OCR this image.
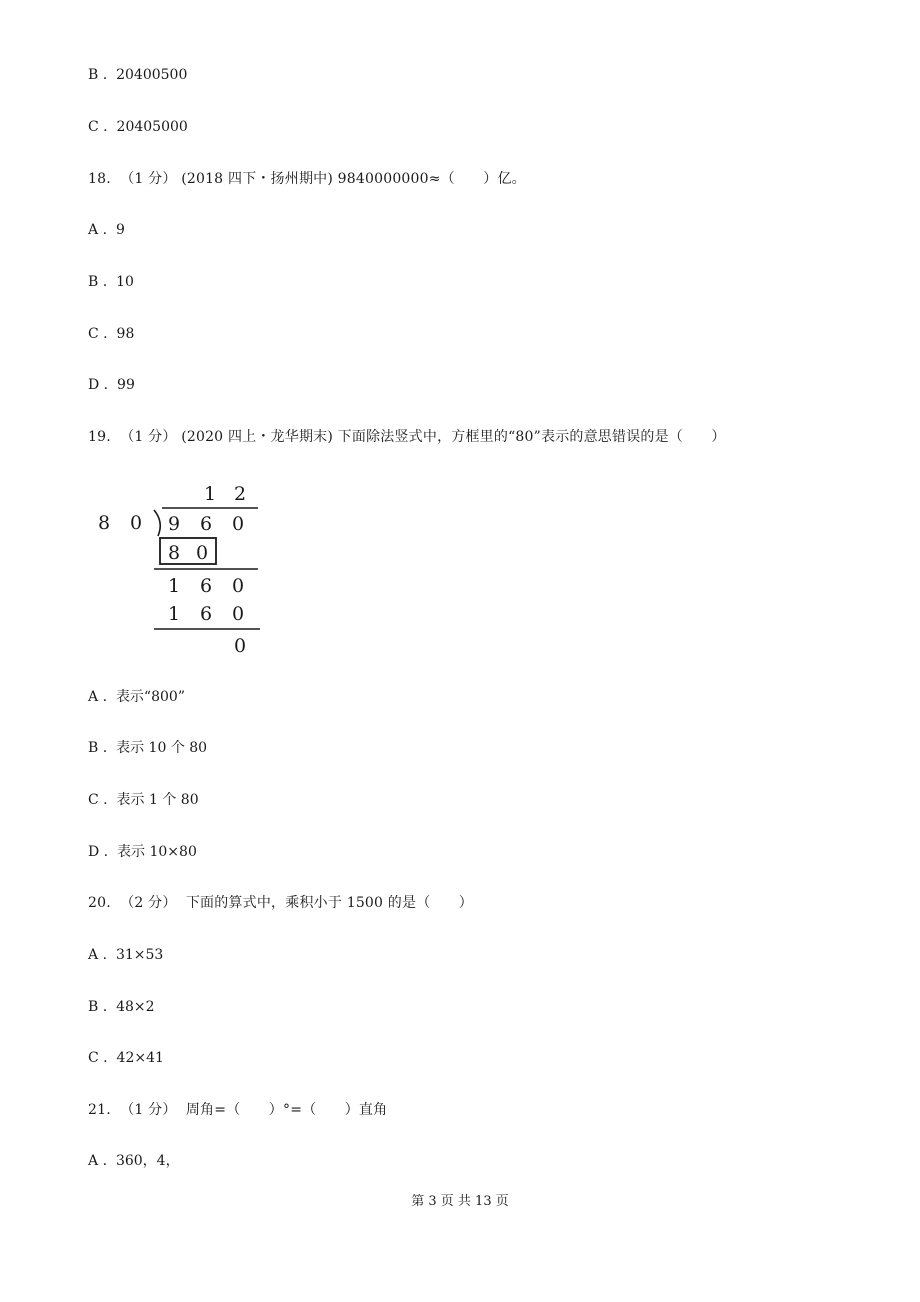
B .  20400500
C .  20405000
18. （1 分） (2018 四下・扬州期中) 9840000000≈（　　）亿。
A .  9
B .  10
C .  98
D .  99
19. （1 分） (2020 四上・龙华期末) 下面除法竖式中，方框里的“80”表示的意思错误的是（　　）
1 2
8 0 9 6 0
8 0
1 6 0
1 6 0
0
A .  表示“800”
B .  表示 10 个 80
C .  表示 1 个 80
D .  表示 10×80
20. （2 分） 下面的算式中，乘积小于 1500 的是（　　）
A .  31×53
B .  48×2
C .  42×41
21. （1 分） 周角=（　　）°=（　　）直角
A .  360，4，
第 3 页 共 13 页
